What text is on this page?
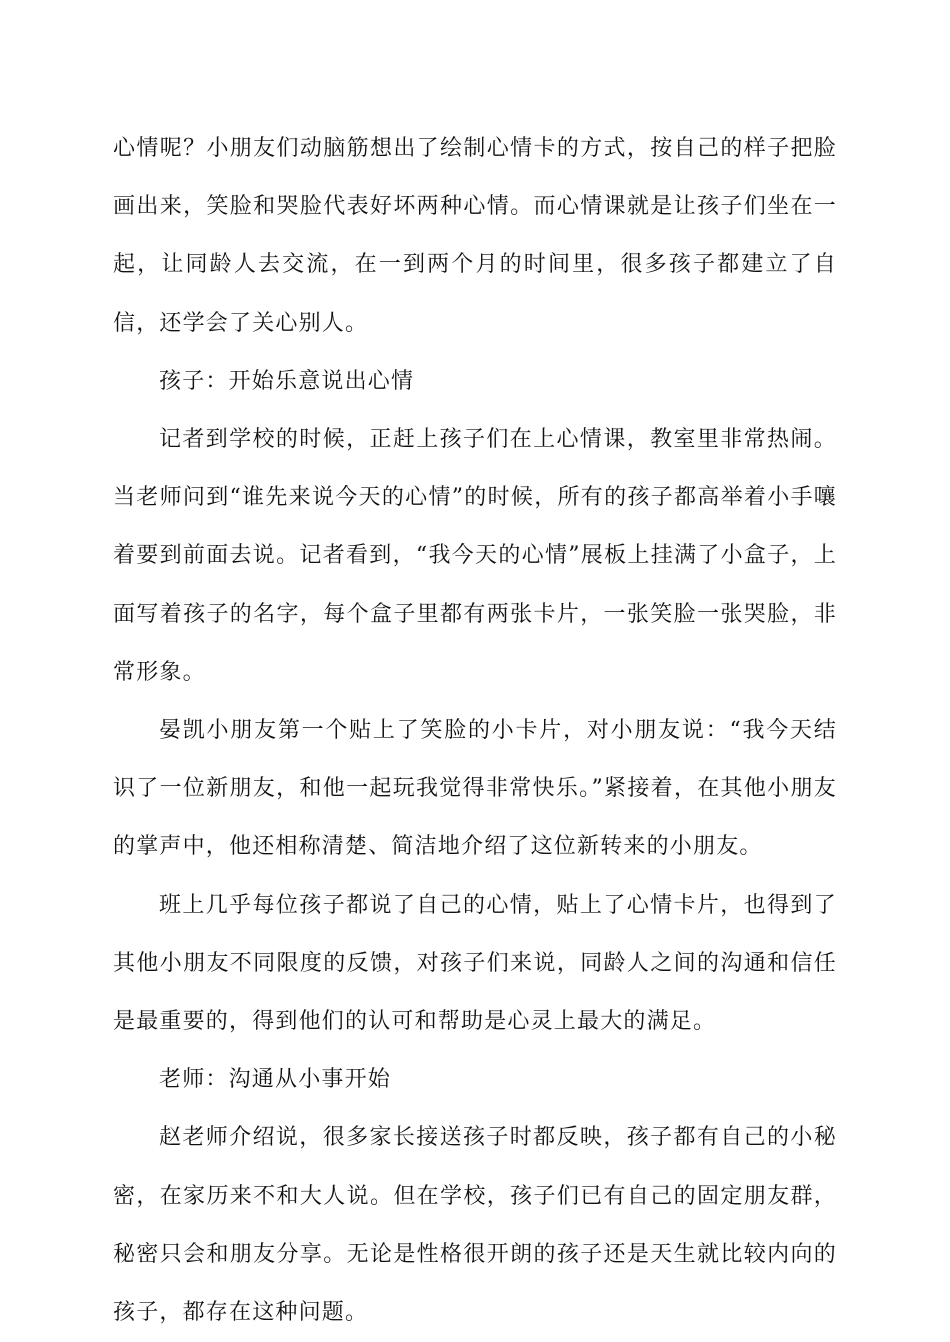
心情呢？小朋友们动脑筋想出了绘制心情卡的方式，按自己的样子把脸画出来，笑脸和哭脸代表好坏两种心情。而心情课就是让孩子们坐在一起，让同龄人去交流，在一到两个月的时间里，很多孩子都建立了自信，还学会了关心别人。

孩子：开始乐意说出心情

记者到学校的时候，正赶上孩子们在上心情课，教室里非常热闹。当老师问到“谁先来说今天的心情”的时候，所有的孩子都高举着小手嚷着要到前面去说。记者看到，“我今天的心情”展板上挂满了小盒子，上面写着孩子的名字，每个盒子里都有两张卡片，一张笑脸一张哭脸，非常形象。

晏凯小朋友第一个贴上了笑脸的小卡片，对小朋友说：“我今天结识了一位新朋友，和他一起玩我觉得非常快乐。”紧接着，在其他小朋友的掌声中，他还相称清楚、简洁地介绍了这位新转来的小朋友。

班上几乎每位孩子都说了自己的心情，贴上了心情卡片，也得到了其他小朋友不同限度的反馈，对孩子们来说，同龄人之间的沟通和信任是最重要的，得到他们的认可和帮助是心灵上最大的满足。

老师：沟通从小事开始

赵老师介绍说，很多家长接送孩子时都反映，孩子都有自己的小秘密，在家历来不和大人说。但在学校，孩子们已有自己的固定朋友群，秘密只会和朋友分享。无论是性格很开朗的孩子还是天生就比较内向的孩子，都存在这种问题。
